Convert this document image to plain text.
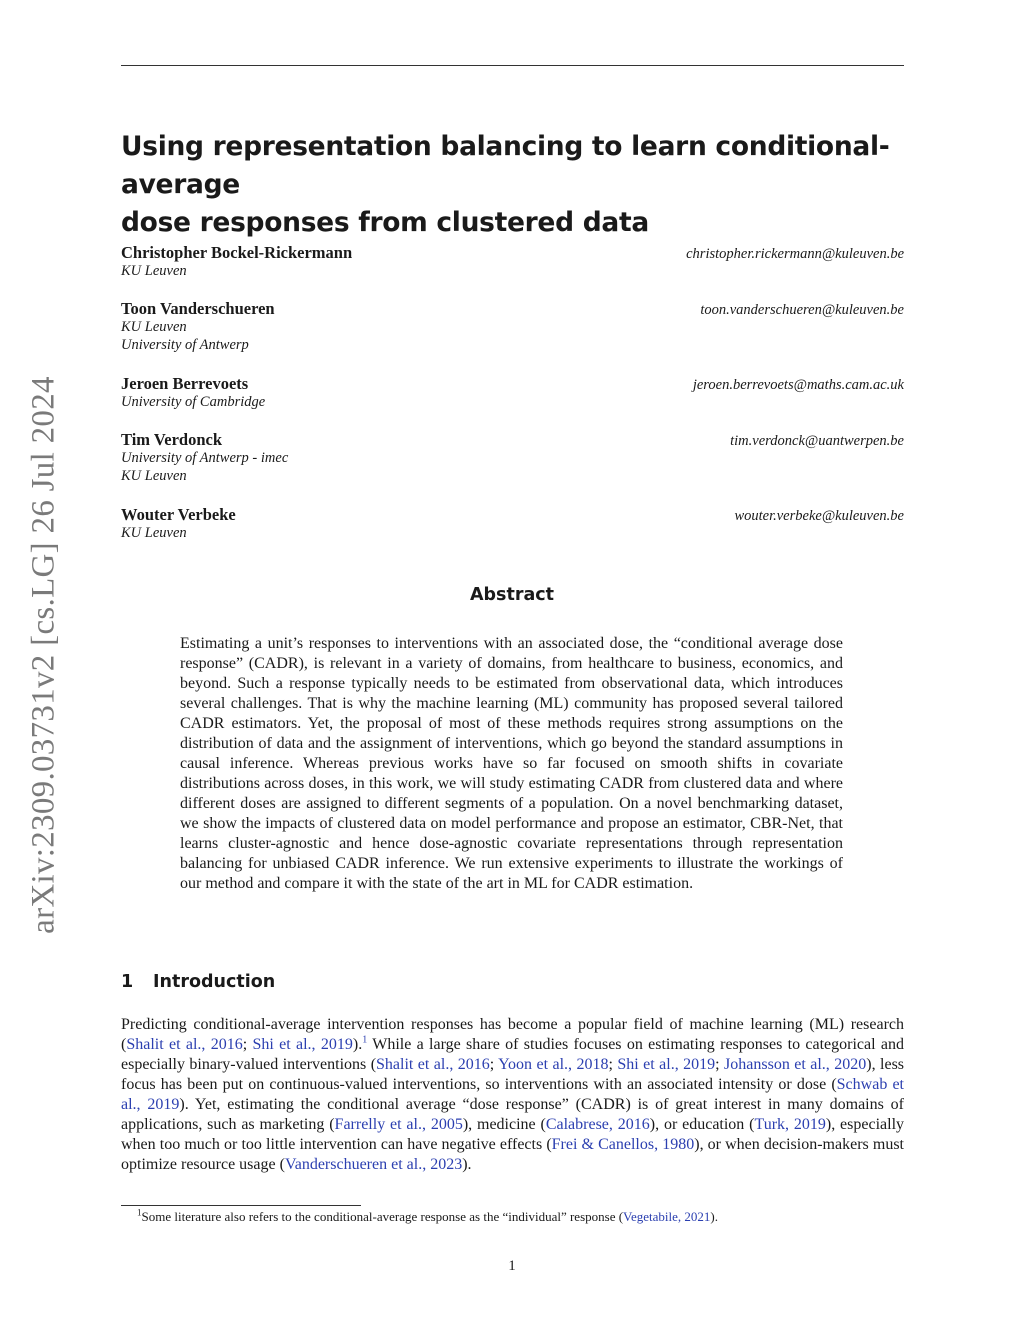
arXiv:2309.03731v2 [cs.LG] 26 Jul 2024
Using representation balancing to learn conditional-average
dose responses from clustered data
Christopher Bockel-Rickermann	christopher.rickermann@kuleuven.be
KU Leuven
Toon Vanderschueren	toon.vanderschueren@kuleuven.be
KU Leuven
University of Antwerp
Jeroen Berrevoets	jeroen.berrevoets@maths.cam.ac.uk
University of Cambridge
Tim Verdonck	tim.verdonck@uantwerpen.be
University of Antwerp - imec
KU Leuven
Wouter Verbeke	wouter.verbeke@kuleuven.be
KU Leuven
Abstract

Estimating a unit’s responses to interventions with an associated dose, the “conditional average dose response” (CADR), is relevant in a variety of domains, from healthcare to business, economics, and beyond. Such a response typically needs to be estimated from observational data, which introduces several challenges. That is why the machine learning (ML) community has proposed several tailored CADR estimators. Yet, the proposal of most of these methods requires strong assumptions on the distribution of data and the assignment of interventions, which go beyond the standard assumptions in causal inference. Whereas previous works have so far focused on smooth shifts in covariate distributions across doses, in this work, we will study estimating CADR from clustered data and where different doses are assigned to different segments of a population. On a novel benchmarking dataset, we show the impacts of clustered data on model performance and propose an estimator, CBR-Net, that learns cluster-agnostic and hence dose-agnostic covariate representations through representation balancing for unbiased CADR inference. We run extensive experiments to illustrate the workings of our method and compare it with the state of the art in ML for CADR estimation.

1 Introduction

Predicting conditional-average intervention responses has become a popular field of machine learning (ML) research (Shalit et al., 2016; Shi et al., 2019).$^1$ While a large share of studies focuses on estimating responses to categorical and especially binary-valued interventions (Shalit et al., 2016; Yoon et al., 2018; Shi et al., 2019; Johansson et al., 2020), less focus has been put on continuous-valued interventions, so interventions with an associated intensity or dose (Schwab et al., 2019). Yet, estimating the conditional average “dose response” (CADR) is of great interest in many domains of applications, such as marketing (Farrelly et al., 2005), medicine (Calabrese, 2016), or education (Turk, 2019), especially when too much or too little intervention can have negative effects (Frei & Canellos, 1980), or when decision-makers must optimize resource usage (Vanderschueren et al., 2023).

$^1$Some literature also refers to the conditional-average response as the “individual” response (Vegetabile, 2021).

1
